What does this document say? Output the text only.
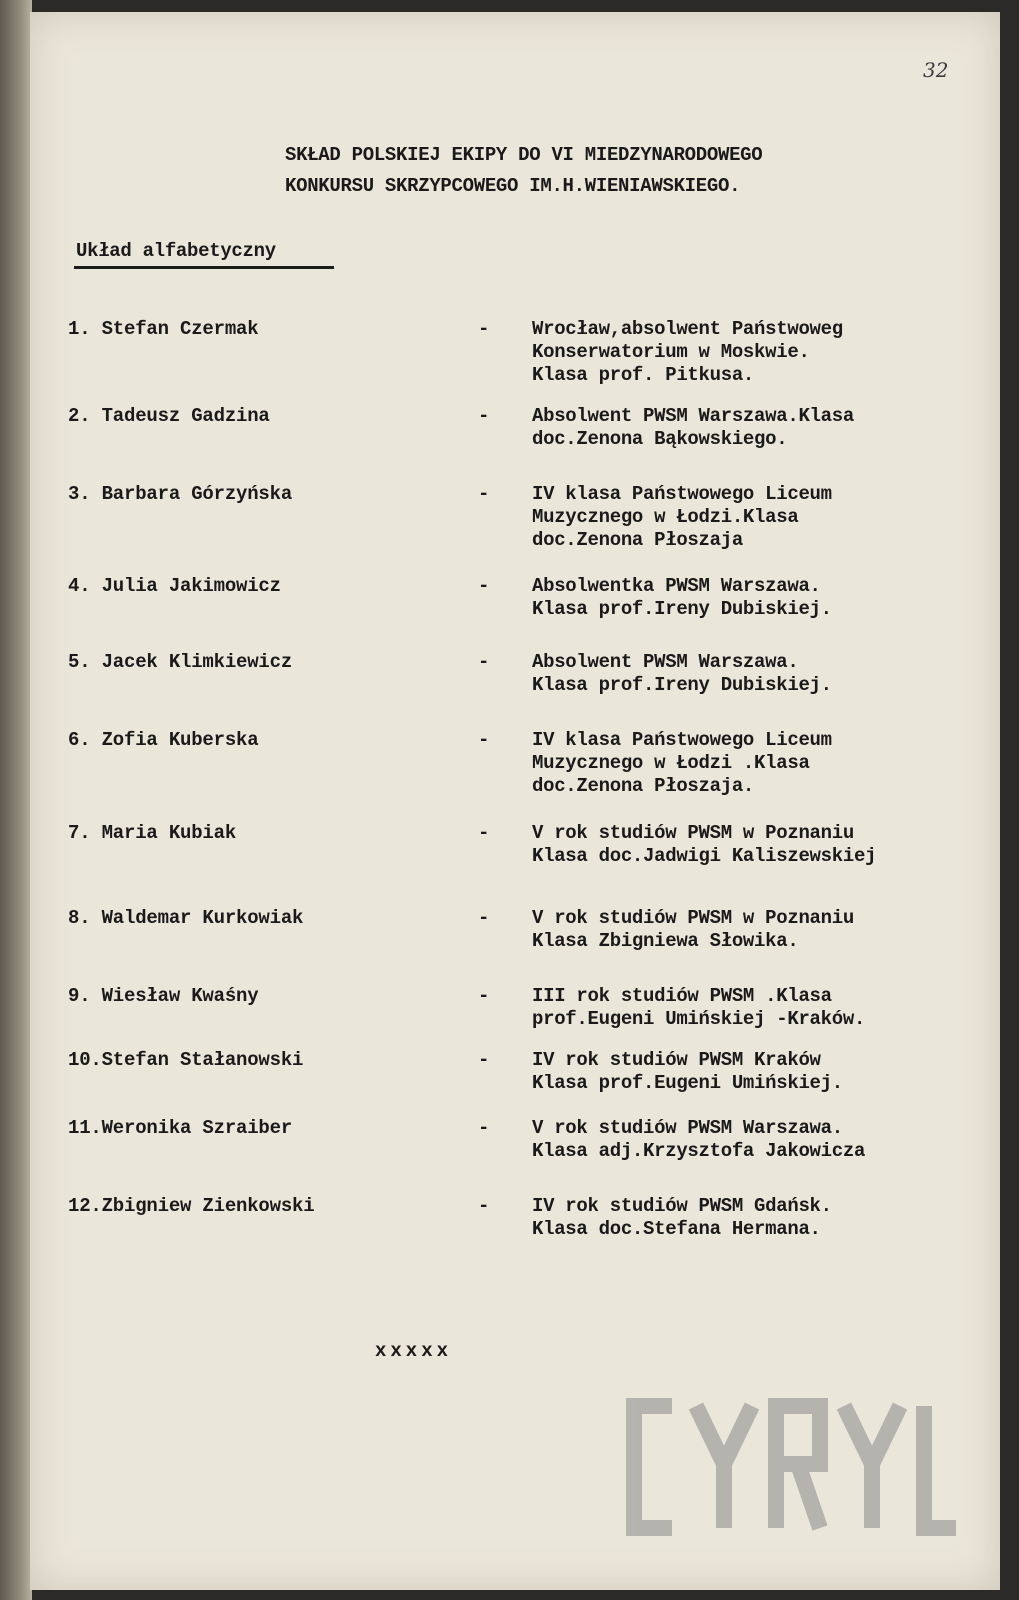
32
SKŁAD POLSKIEJ EKIPY DO VI MIEDZYNARODOWEGO
KONKURSU SKRZYPCOWEGO IM.H.WIENIAWSKIEGO.
Układ alfabetyczny
1. Stefan Czermak	- Wrocław,absolwent Państwoweg
Konserwatorium w Moskwie.
Klasa prof. Pitkusa.
2. Tadeusz Gadzina	- Absolwent PWSM Warszawa.Klasa
doc.Zenona Bąkowskiego.
3. Barbara Górzyńska	- IV klasa Państwowego Liceum
Muzycznego w Łodzi.Klasa
doc.Zenona Płoszaja
4. Julia Jakimowicz	- Absolwentka PWSM Warszawa.
Klasa prof.Ireny Dubiskiej.
5. Jacek Klimkiewicz	- Absolwent PWSM Warszawa.
Klasa prof.Ireny Dubiskiej.
6. Zofia Kuberska	- IV klasa Państwowego Liceum
Muzycznego w Łodzi .Klasa
doc.Zenona Płoszaja.
7. Maria Kubiak	- V rok studiów PWSM w Poznaniu
Klasa doc.Jadwigi Kaliszewskiej
8. Waldemar Kurkowiak	- V rok studiów PWSM w Poznaniu
Klasa Zbigniewa Słowika.
9. Wiesław Kwaśny	- III rok studiów PWSM .Klasa
prof.Eugeni Umińskiej -Kraków.
10.Stefan Stałanowski	- IV rok studiów PWSM Kraków
Klasa prof.Eugeni Umińskiej.
11.Weronika Szraiber	- V rok studiów PWSM Warszawa.
Klasa adj.Krzysztofa Jakowicza
12.Zbigniew Zienkowski	- IV rok studiów PWSM Gdańsk.
Klasa doc.Stefana Hermana.
xxxxx
